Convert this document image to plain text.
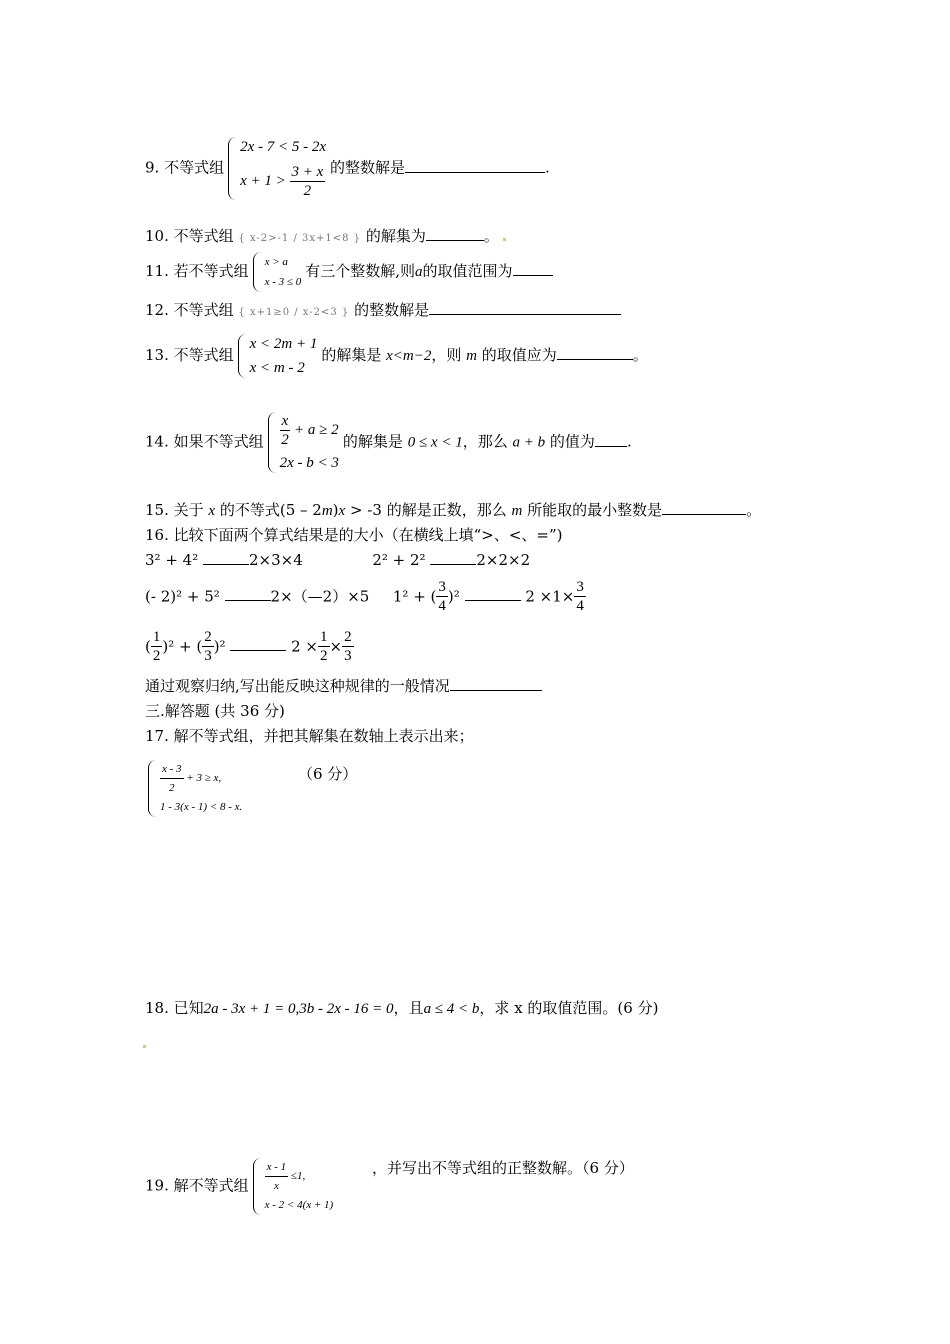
9. 不等式组
2x - 7 < 5 - 2x
$x + 1 > \frac{3 + x}{2}$ 的整数解是	.
10. 不等式组 { x-2>-1 / 3x+1<8 } 的解集为	。
11. 若不等式组 x > a
x - 3 ≤ 0
有三个整数解,则a的取值范围为
12. 不等式组 { x+1≥0 / x-2<3 } 的整数解是
13. 不等式组
x < 2m + 1
x < m - 2
的解集是 x<m−2，则 m 的取值应为	。
14. 如果不等式组 $\frac{x}{2} + a \ge 2$
2x - b < 3
的解集是 0 ≤ x < 1，那么 a + b 的值为 .
15. 关于 x 的不等式(5 – 2m)x > -3 的解是正数，那么 m 所能取的最小整数是	。
16. 比较下面两个算式结果是的大小（在横线上填“>、<、=”)
3² + 4²	2×3×4	2² + 2²	2×2×2
(- 2)² + 5²	2×（—2）×5 1² + ( $\frac{3}{4} )^2$	$2 \times 1\times \frac{3}{4}$
( $\frac{1}{2} )^2$ + ( $\frac{2}{3} )^2$	$2 \times \frac{1}{2} \times \frac{2}{3}$
通过观察归纳,写出能反映这种规律的一般情况
三.解答题 (共 36 分)
17. 解不等式组，并把其解集在数轴上表示出来；
$\frac{x - 3}{2} + 3 \ge x$,
1 - 3(x - 1) < 8 - x.
（6 分）
18. 已知2a - 3x + 1 = 0,3b - 2x - 16 = 0，且a ≤ 4 < b，求 x 的取值范围。(6 分)
19. 解不等式组 $\frac{x - 1}{x} \le 1$,
x - 2 < 4(x + 1)
，并写出不等式组的正整数解。（6 分）
